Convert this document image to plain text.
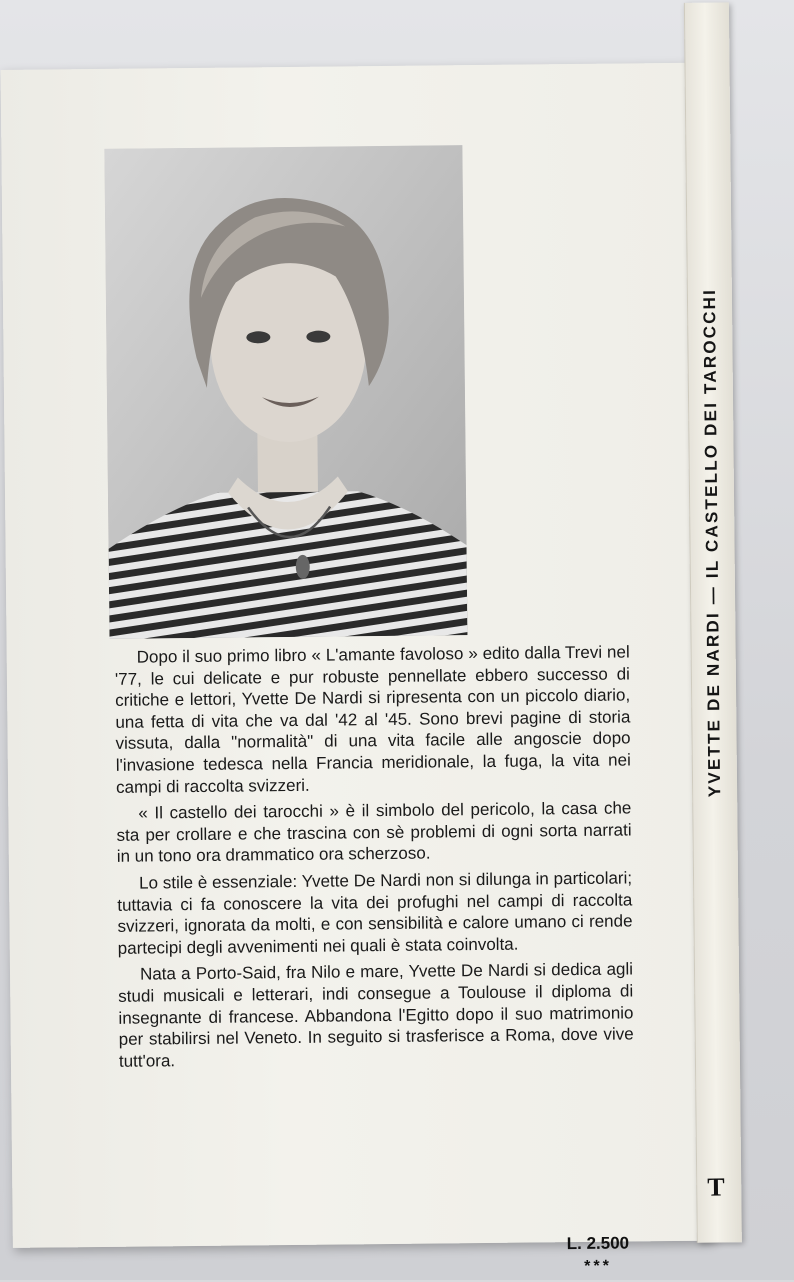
Dopo il suo primo libro « L'amante favoloso » edito dalla Trevi nel '77, le cui delicate e pur robuste pennellate ebbero successo di critiche e lettori, Yvette De Nardi si ripresenta con un piccolo diario, una fetta di vita che va dal '42 al '45. Sono brevi pagine di storia vissuta, dalla "normalità" di una vita facile alle angoscie dopo l'invasione tedesca nella Francia meridionale, la fuga, la vita nei campi di raccolta svizzeri.

« Il castello dei tarocchi » è il simbolo del pericolo, la casa che sta per crollare e che trascina con sè problemi di ogni sorta narrati in un tono ora drammatico ora scherzoso.

Lo stile è essenziale: Yvette De Nardi non si dilunga in particolari; tuttavia ci fa conoscere la vita dei profughi nel campi di raccolta svizzeri, ignorata da molti, e con sensibilità e calore umano ci rende partecipi degli avvenimenti nei quali è stata coinvolta.

Nata a Porto-Said, fra Nilo e mare, Yvette De Nardi si dedica agli studi musicali e letterari, indi consegue a Toulouse il diploma di insegnante di francese. Abbandona l'Egitto dopo il suo matrimonio per stabilirsi nel Veneto. In seguito si trasferisce a Roma, dove vive tutt'ora.

L. 2.500
***
YVETTE DE NARDI — IL CASTELLO DEI TAROCCHI
T
